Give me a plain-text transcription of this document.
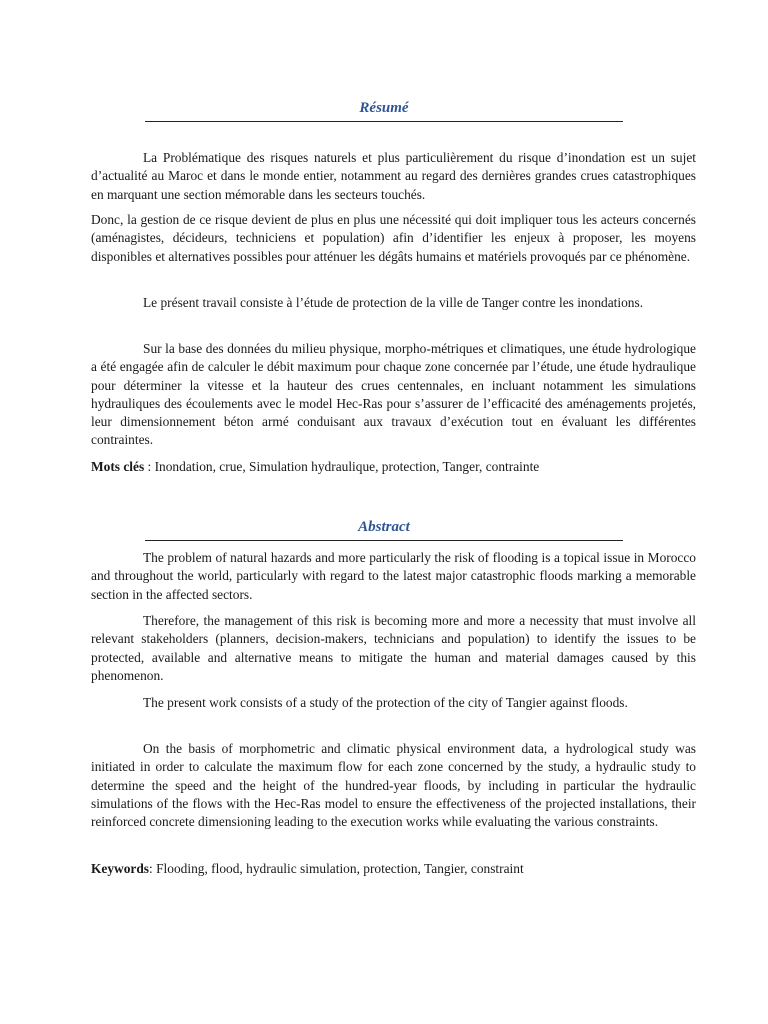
Résumé

La Problématique des risques naturels et plus particulièrement du risque d’inondation est un sujet d’actualité au Maroc et dans le monde entier, notamment au regard des dernières grandes crues catastrophiques en marquant une section mémorable dans les secteurs touchés.

Donc, la gestion de ce risque devient de plus en plus une nécessité qui doit impliquer tous les acteurs concernés (aménagistes, décideurs, techniciens et population) afin d’identifier les enjeux à proposer, les moyens disponibles et alternatives possibles pour atténuer les dégâts humains et matériels provoqués par ce phénomène.

Le présent travail consiste à l’étude de protection de la ville de Tanger contre les inondations.

Sur la base des données du milieu physique, morpho-métriques et climatiques, une étude hydrologique a été engagée afin de calculer le débit maximum pour chaque zone concernée par l’étude, une étude hydraulique pour déterminer la vitesse et la hauteur des crues centennales, en incluant notamment les simulations hydrauliques des écoulements avec le model Hec-Ras pour s’assurer de l’efficacité des aménagements projetés, leur dimensionnement béton armé conduisant aux travaux d’exécution tout en évaluant les différentes contraintes.

Mots clés : Inondation, crue, Simulation hydraulique, protection, Tanger, contrainte

Abstract

The problem of natural hazards and more particularly the risk of flooding is a topical issue in Morocco and throughout the world, particularly with regard to the latest major catastrophic floods marking a memorable section in the affected sectors.

Therefore, the management of this risk is becoming more and more a necessity that must involve all relevant stakeholders (planners, decision-makers, technicians and population) to identify the issues to be protected, available and alternative means to mitigate the human and material damages caused by this phenomenon.

The present work consists of a study of the protection of the city of Tangier against floods.

On the basis of morphometric and climatic physical environment data, a hydrological study was initiated in order to calculate the maximum flow for each zone concerned by the study, a hydraulic study to determine the speed and the height of the hundred-year floods, by including in particular the hydraulic simulations of the flows with the Hec-Ras model to ensure the effectiveness of the projected installations, their reinforced concrete dimensioning leading to the execution works while evaluating the various constraints.

Keywords: Flooding, flood, hydraulic simulation, protection, Tangier, constraint
